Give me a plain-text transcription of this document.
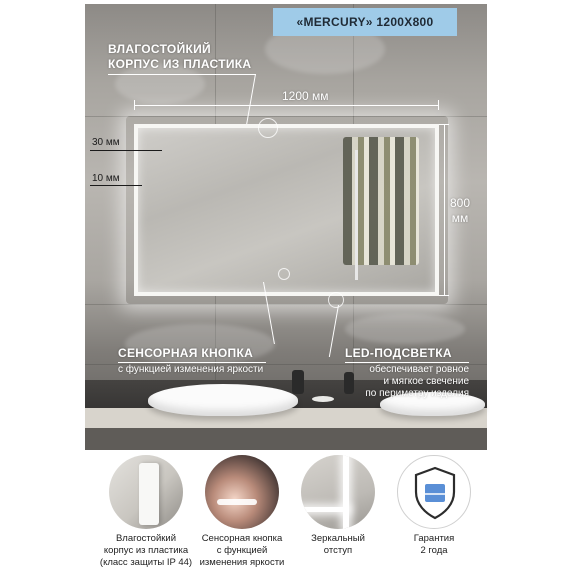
«MERCURY» 1200X800
ВЛАГОСТОЙКИЙ
КОРПУС ИЗ ПЛАСТИКА
1200 мм
800
мм
30 мм
10 мм
СЕНСОРНАЯ КНОПКА
с функцией изменения яркости
LED-ПОДСВЕТКА
обеспечивает ровное
и мягкое свечение
по периметру изделия
Влагостойкий
корпус из пластика
(класс защиты IP 44)
Сенсорная кнопка
с функцией
изменения яркости
Зеркальный
отступ
Гарантия
2 года
